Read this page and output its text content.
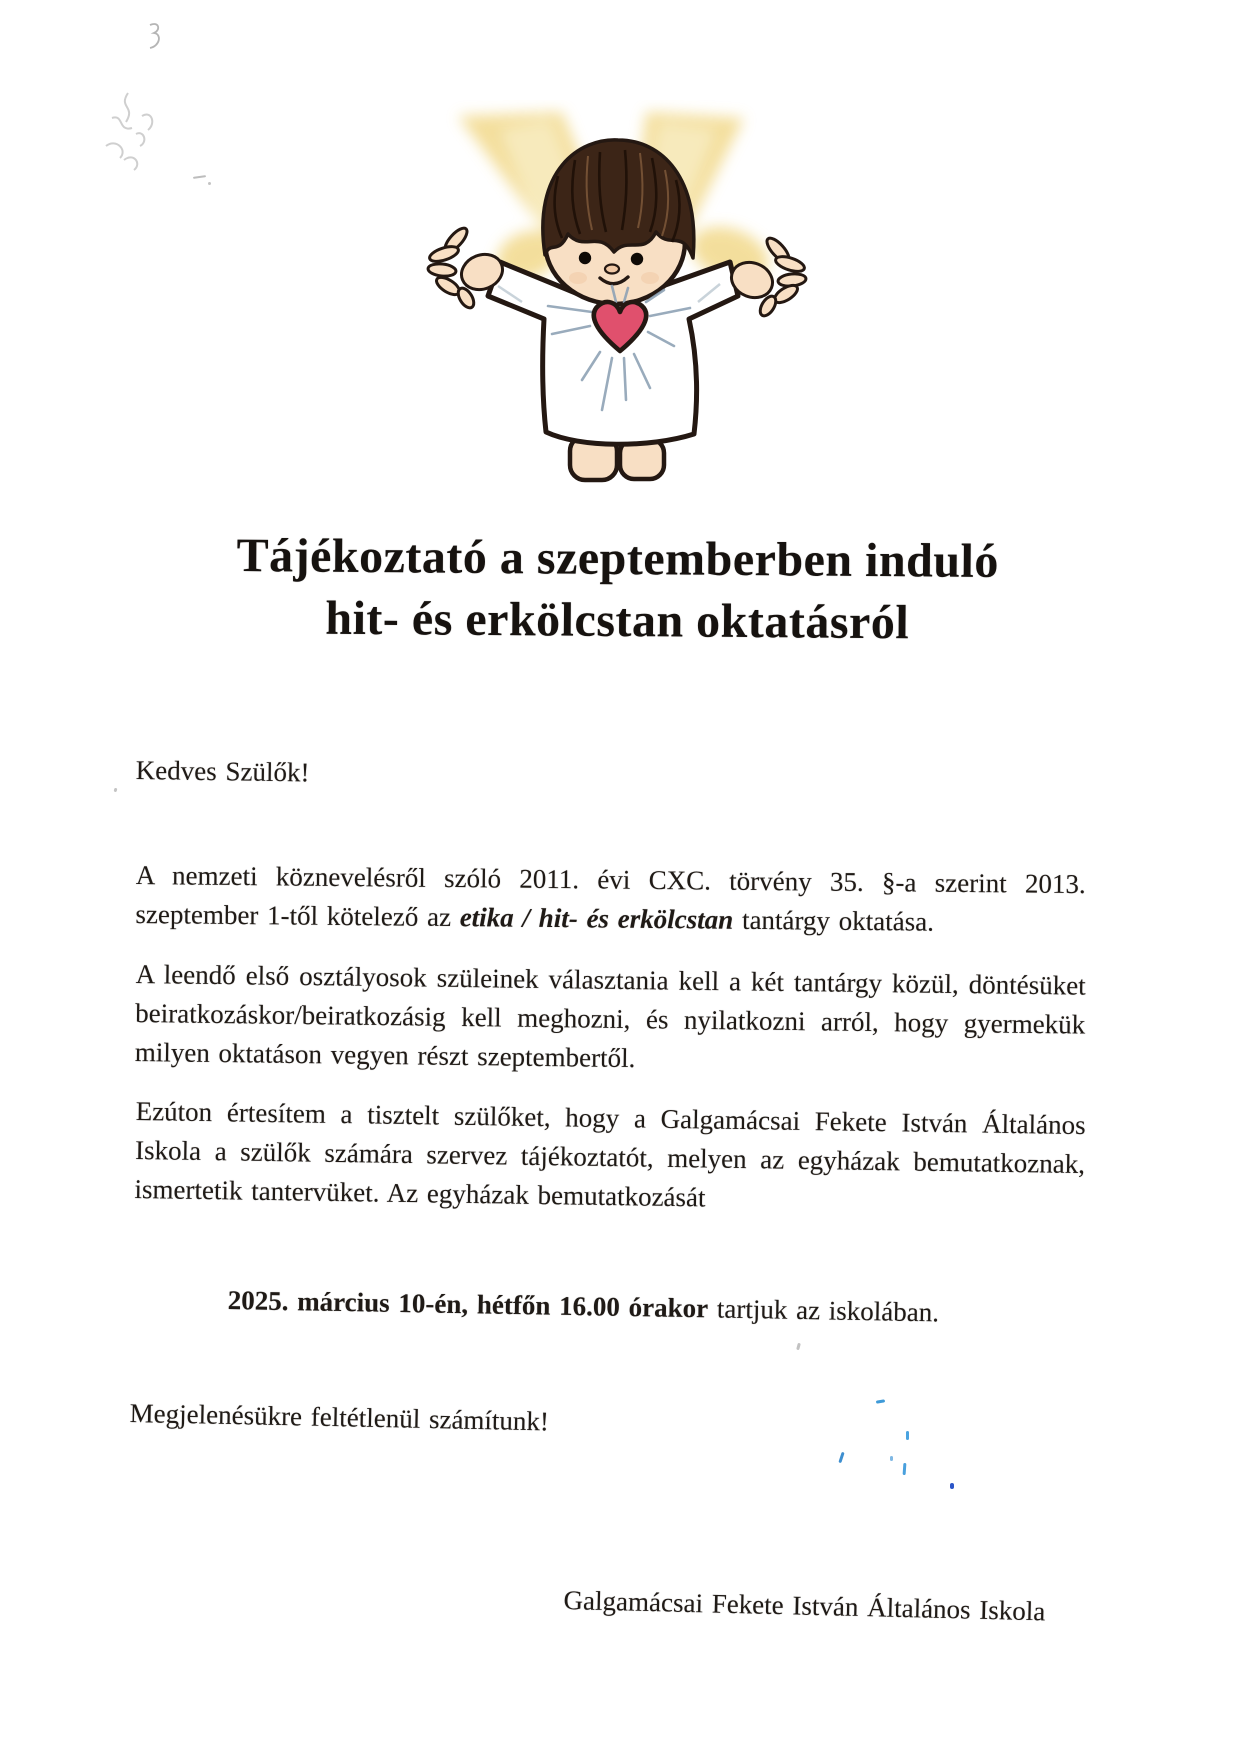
Tájékoztató a szeptemberben induló
hit- és erkölcstan oktatásról
Kedves Szülők!
A nemzeti köznevelésről szóló 2011. évi CXC. törvény 35. §-a szerint 2013. szeptember 1-től kötelező az etika / hit- és erkölcstan tantárgy oktatása.
A leendő első osztályosok szüleinek választania kell a két tantárgy közül, döntésüket beiratkozáskor/beiratkozásig kell meghozni, és nyilatkozni arról, hogy gyermekük milyen oktatáson vegyen részt szeptembertől.
Ezúton értesítem a tisztelt szülőket, hogy a Galgamácsai Fekete István Általános Iskola a szülők számára szervez tájékoztatót, melyen az egyházak bemutatkoznak, ismertetik tantervüket. Az egyházak bemutatkozását
2025. március 10-én, hétfőn 16.00 órakor tartjuk az iskolában.
Megjelenésükre feltétlenül számítunk!
Galgamácsai Fekete István Általános Iskola
